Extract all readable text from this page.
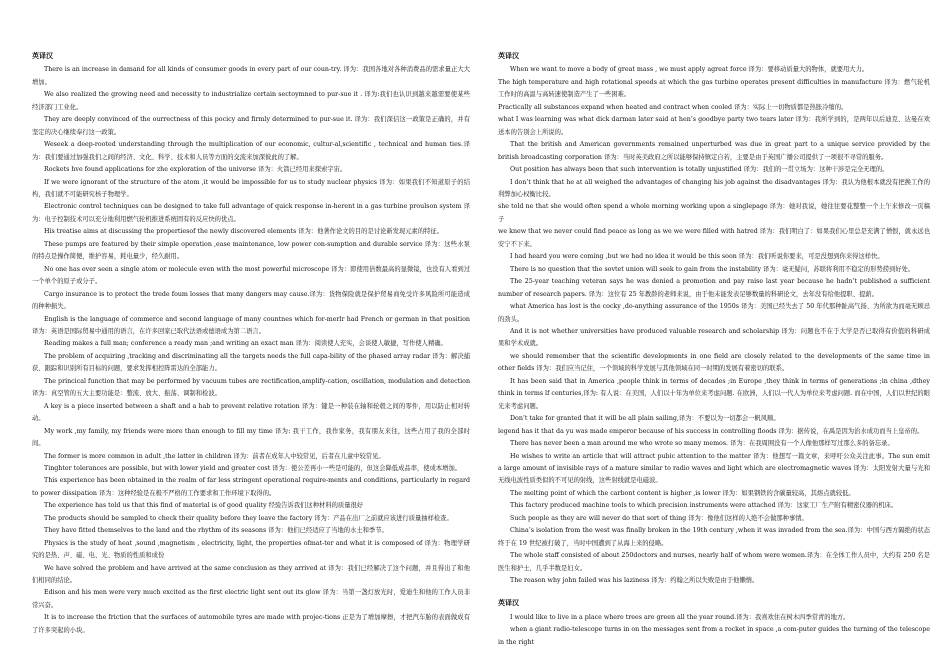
英译汉

There is an increase in damand for all kinds of consumer goods in every part of our coun-try. 译为：我国各地对各种消费品的需求量正大大增加。

We also realized the growing need and necessity to industrialize certain sectoymned to pur-sue it . 译为:我们也认识到越来越需要使某些经济部门工业化。

They are deeply convinced of the ourrectness of this pocicy and firmly determined to pur-sue it. 译为：我们深信这一政策是正确的，并有坚定的决心继续奉行这一政策。

Weseek a deep-rooted understanding through the multiplication of our economic, cultur-al,scientific , technical and human ties.译为：我们要通过加强我们之间的经济、文化、科学、技术和人员等方面的交流来加深彼此的了解。

Rockets hve found applications for zhe exploration of the universe 译为：火箭已经用来探索宇宙。

If we were ignorant of the structure of the atom ,it would be impossible for us to study nuclear physics 译为：如果我们不知道原子的结构，我们就不可能研究核子物理学。

Electronic control techniques can be designed to take full advantage of quick response in-herent in a gas turbine proulson system 译为：电子控制技术可以充分地利用燃气轮机推进系统固有的反应快的优点。

His treatise aims at discussing the propertiesof the newly discovered elements 译为：他著作论文的目的是讨论新发现元素的特征。

These pumps are featured by their simple operation ,ease maintenance, low power con-sumption and durable service 译为：这些水泵的特点是操作简便，维护容易，耗电量少，经久耐用。

No one has ever seen a single atom or molecule even with the most powerful microscope 译为：即使用倍数最高的显微镜，也没有人看到过一个单个的原子或分子。

Cargo insurance is to protect the trede foum losses that many dangers may cause.译为：货物保险就是保护贸易商免受许多风险所可能造成的种种损失。

English is the language of commerce and second language of many countnes which for-merlr had French or german in that position 译为：英语是国际贸易中通用的语言，在许多回家已取代法语或德语成为第二语言。

Reading makes a full man; conference a ready man ;and writing an exact man 译为：阅读使人充实，会谈使人敏捷，写作使人精确。

The problem of acquiring ,tracking and discriminating all the targets needs the full capa-bility of the phased array radar 译为：解决捕获、跟踪和识别所有目标的问题，要求发挥相控阵雷达的全部能力。

The princical function that may be performed by vacuum tubes are rectification,amplify-cation, oscillation, modulation and detection 译为：真空管的五大主要功能是：整流、放大、振荡、调制和检波。

A key is a piece inserted between a shaft and a hab to prevent relative rotation 译为：键是一种装在轴和轮毂之间的零件，用以防止相对转动。

My work ,my family, my friends were more than enough to fill my time 译为: 我干工作，我作家务，我有朋友来往，这些占用了我的全部时间。

The former is more common in adult ,the latter in children 译为：前者在成年人中较常见，后者在儿童中较常见。

Tinghter tolerances are possible, but with lower yield and greater cost 译为：使公差再小一些是可能的，但这会降低成品率，使成本增加。

This experience has been obtained in the realm of far less stringent operational require-ments and conditions, particularly in regard to power dissipation 译为：这种经验是在极不严格的工作要求和工作环境下取得的。

The experience has told us that this find of material is of good quality 经验告诉我们这种材料的质量很好

The products should be sampled to check their quality before they leave the factory 译为：产品在出厂之前就应该进行质量抽样检查。

They have fitted themselves to the land and the rhythm of its seasons 译为：他们已经适应了当地的水土和季节。

Physics is the study of heat ,sound ,magnetism , electricity, light, the properties ofmat-ter and what it is composed of 译为：物理学研究的是热、声、磁、电、光、物质的性质和成份

We have solved the problem and have arrived at the same conclusion as they arrived at 译为：我们已经解决了这个问题，并且得出了和他们相同的结论。

Edison and his men were very much excited as the first electric light sent out its glow 译为：当第一盏灯放光时，爱迪生和他的工作人员非常兴奋。

It is to increase the friction that the surfaces of automobile tyres are made with projec-tions 正是为了增加摩擦，才把汽车胎的表面做成有了许多突起的小块。

英译汉

When we want to move a body of great mass , we must apply agreat force 译为：要移动质量大的物体，就要用大力。

The high temperature and high rotational speeds at which the gas turbine operates present difficulties in manufacture 译为：燃气轮机工作时的高温与高转速使制造产生了一些困难。

Practically all substances expand when heated and contract when cooled 译为：实际上一切物质都是热胀冷缩的。

what I was learning was what dick darman later said at hen’s goodbye party two tears later 译为：我所学到的，是两年以后迪克、达曼在欢送本的告别会上所说的。

That the british and American governments remained unperturbed was due in great part to a unique service provided by the british broadcasting corporation 译为：当时英美政府之所以能够保持镇定自若，主要是由于英国广播公司提供了一项很不寻常的服务。

Out position has always been that such intervention is totally unjustified 译为：我们的一贯立场为：这种干涉是完全无理的。

I don’t think that he at all weighed the advantages of changing his job against the disadvantages 译为：我认为他根本就没有把换工作的利弊加心权衡比较。

she told ne that she would often spend a whole morning working upon a singlepage 译为：她对我说，她往往要花整整一个上午来修改一页稿子

we knew that we never could find peace as long as we we were filled with hatred 译为：我们明白了：如果我们心里总是充满了憎恨，就永远也安宁不下来。

I had heard you were coming ,but we had no idea it would be this soon 译为：我们听说你要来，可是没想到你来得这样快。

There is no question that the sovtet union will seek to gain from the instability 译为：毫无疑问，苏联将利用不稳定的形势捞到好处。

The 25-year teaching veteran says he was denied a promotion and pay raise last year because he hadn’t published a sufficient number of research papers. 译为：这位有 25 年教龄的老师来说，由于他未能发表足够数量的科研论文，去年没有给他提职、提薪。

what America has lost is the cocky ,do-anything assurance of the 1950s 译为：美国已经失去了 50 年代那种趾高气扬、为所欲为而毫无顾忌的劲头。

And it is not whether universities have produced valuable research and scholarship 译为：问题也不在于大学是否已取得有价值的科研成果和学术成就。

we should remember that the scientific developments in one field are closely related to the developments of the same time in other fields 译为：我们应当记住，一个领域的科学发展与其他领域在同一时期的发展有着密切的联系。

It has been said that in America ,people think in terms of decades ;in Europe ,they think in terms of generations ;in china ,dthey think in terms lf centuries,译为: 有人说：在美国，人们以十年为单位来考虑问题. 在欧洲，人们以一代人为单位来考虑问题. 而在中国，人们以世纪的眼光来考虑问题。

Don’t take for granted that it will be all plain sailing,译为：不要以为一切都会一帆风顺。

legend has it that da yu was made emperor because of his success in controlling floods 译为：据传说，在禹是因为治水成功而当上皇帝的。

There has never been a man around me who wrote so many memos. 译为：在我周围没有一个人像他那样写过那么多的备忘录。

He wishes to write an article that will attract pubic attention to the matter 译为：他想写一篇文章，来呼吁公众关注此事。The sun emit a large amount of invisible rays of a mature similar to radio waves and light which are electromagnetic waves 译为：太阳发射大量与光和无线电波性质类似的不可见的射线，这些射线就是电磁波。

The melting point of which the carbont content is higher ,is lower 译为：如果钢铁的含碳量较高，其熔点就较低。

This factory produced machine tools to which precision instruments were attached 译为：这家工厂生产附有精密仪器的机床。

Such people as they are will never do that sort of thing 译为：像他们这样的人绝不会做那种事情。

China’s isolation from the west was finally broken in the 19th century ,when it was invaded from the sea.译为：中国与西方隔绝的状态终于在 19 世纪被打破了，当时中国遭到了从海上来的侵略。

The whole staff consisted of about 250doctors and nurses, nearly half of whom were women.译为：在全体工作人员中，大约有 250 名是医生和护士，几乎半数是妇女。

The reason why john failed was his laziness 译为：约翰之所以失败是由于他懒惰。

英译汉

I would like to live in a place where trees are green all the year round.译为：我喜欢住在树木四季常青的地方。

when a giant radio-telescope turns in on the messages sent from a rocket in space ,a com-puter guides the turning of the telescope in the right
